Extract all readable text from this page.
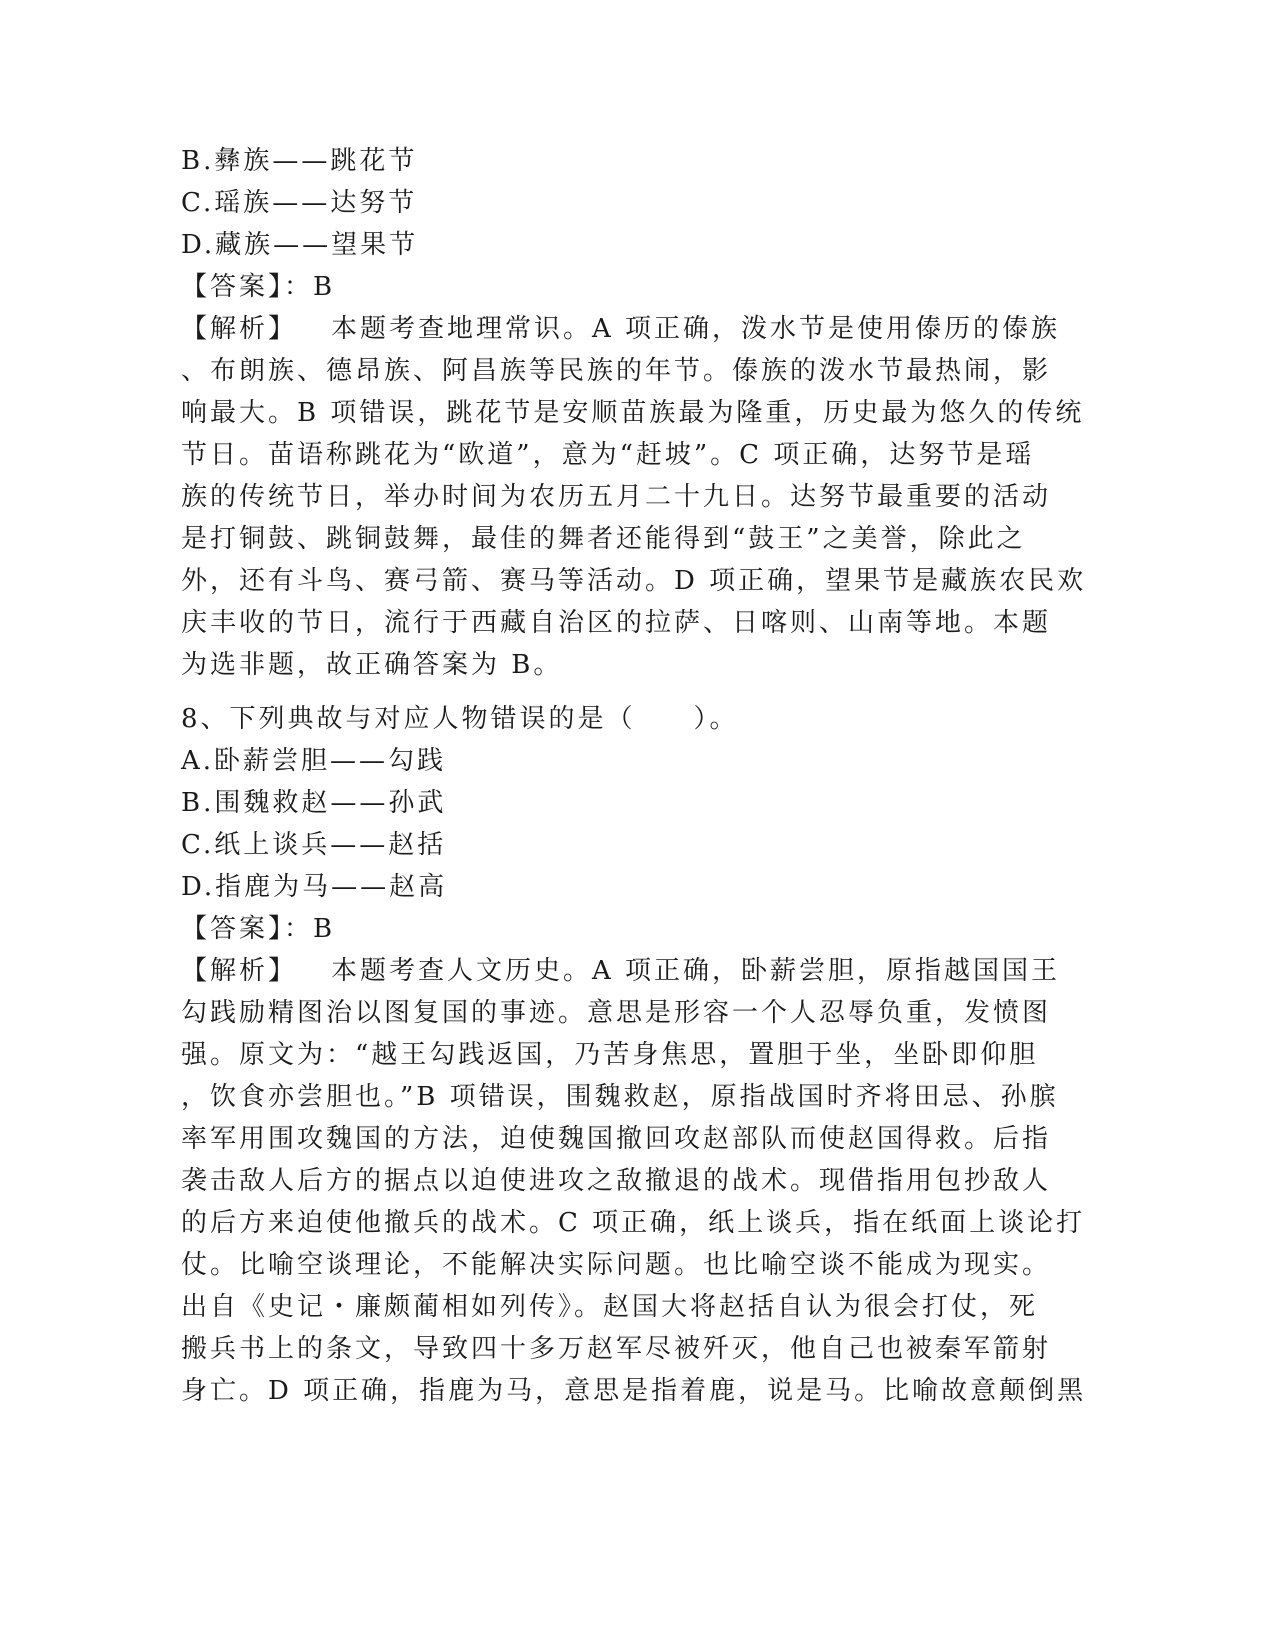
B.彝族——跳花节
C.瑶族——达努节
D.藏族——望果节
【答案】：B
【解析】 本题考查地理常识。A 项正确，泼水节是使用傣历的傣族
、布朗族、德昂族、阿昌族等民族的年节。傣族的泼水节最热闹，影
响最大。B 项错误，跳花节是安顺苗族最为隆重，历史最为悠久的传统
节日。苗语称跳花为“欧道”，意为“赶坡”。C 项正确，达努节是瑶
族的传统节日，举办时间为农历五月二十九日。达努节最重要的活动
是打铜鼓、跳铜鼓舞，最佳的舞者还能得到“鼓王”之美誉，除此之
外，还有斗鸟、赛弓箭、赛马等活动。D 项正确，望果节是藏族农民欢
庆丰收的节日，流行于西藏自治区的拉萨、日喀则、山南等地。本题
为选非题，故正确答案为 B。
8、下列典故与对应人物错误的是（　　）。
A.卧薪尝胆——勾践
B.围魏救赵——孙武
C.纸上谈兵——赵括
D.指鹿为马——赵高
【答案】：B
【解析】 本题考查人文历史。A 项正确，卧薪尝胆，原指越国国王
勾践励精图治以图复国的事迹。意思是形容一个人忍辱负重，发愤图
强。原文为：“越王勾践返国，乃苦身焦思，置胆于坐，坐卧即仰胆
，饮食亦尝胆也。”B 项错误，围魏救赵，原指战国时齐将田忌、孙膑
率军用围攻魏国的方法，迫使魏国撤回攻赵部队而使赵国得救。后指
袭击敌人后方的据点以迫使进攻之敌撤退的战术。现借指用包抄敌人
的后方来迫使他撤兵的战术。C 项正确，纸上谈兵，指在纸面上谈论打
仗。比喻空谈理论，不能解决实际问题。也比喻空谈不能成为现实。
出自《史记・廉颇蔺相如列传》。赵国大将赵括自认为很会打仗，死
搬兵书上的条文，导致四十多万赵军尽被歼灭，他自己也被秦军箭射
身亡。D 项正确，指鹿为马，意思是指着鹿，说是马。比喻故意颠倒黑
